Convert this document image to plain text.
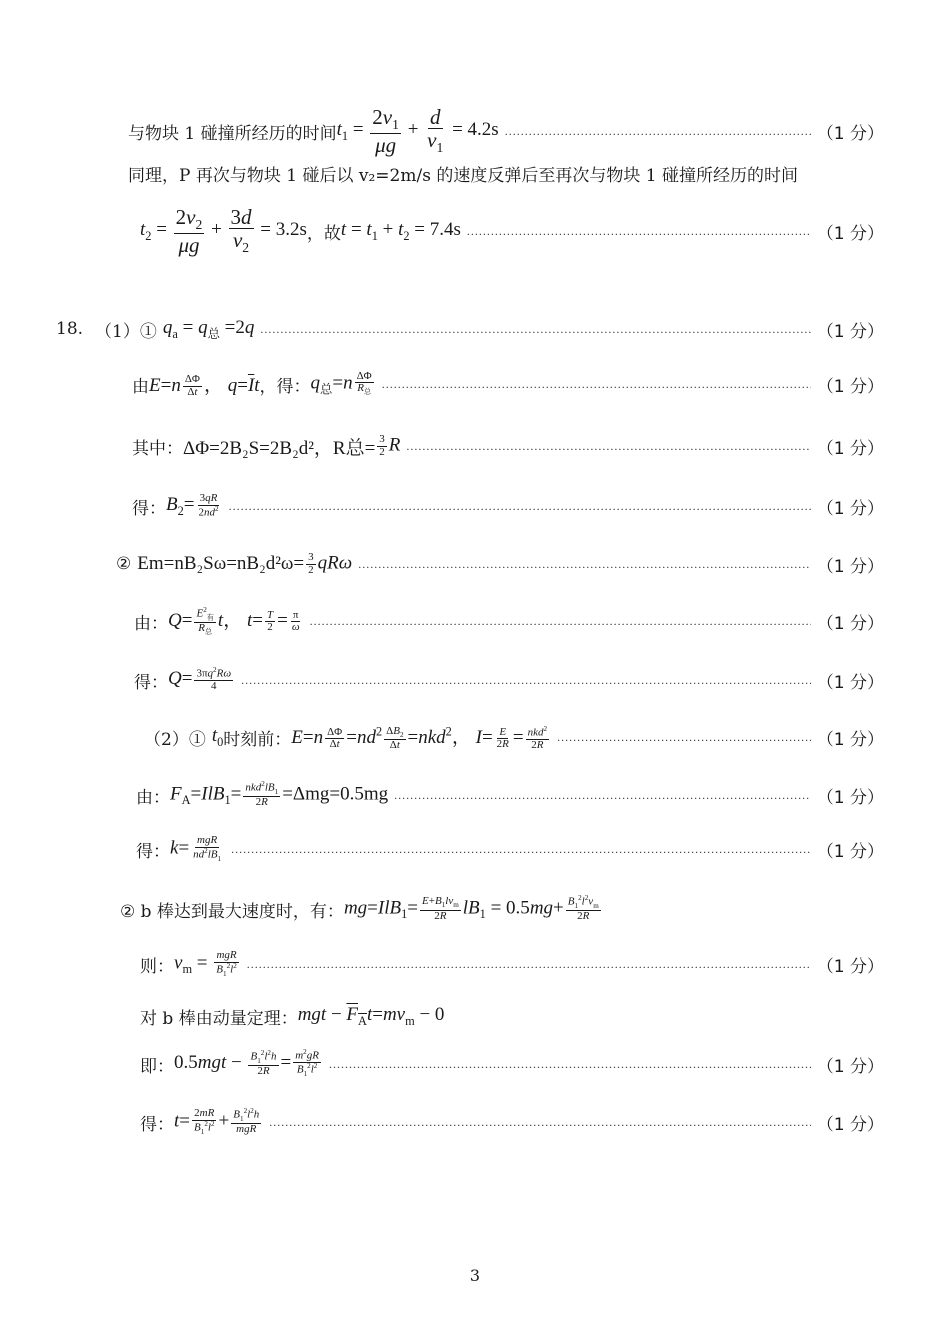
与物块 1 碰撞所经历的时间 $t_1 = \frac{2v_1}{\mu g} + \frac{d}{v_1} = 4.2s$ .....	（1 分）
同理，P 再次与物块 1 碰后以 v₂=2m/s 的速度反弹后至再次与物块 1 碰撞所经历的时间
$t_2 = \frac{2v_2}{\mu g} + \frac{3d}{v_2} = 3.2s$ ，故 $t = t_1 + t_2 = 7.4s$ .....	（1 分）
18. （1）① $q_a = q_总 =2q$ .....	（1 分）
由 $E=n \frac{\Delta\Phi}{\Delta t}$ ， $q=\overline{I}t$ ，得： $q_总=n \frac{\Delta\Phi}{R_总}$ .....	（1 分）
其中： ΔΦ=2B₂S=2B₂d²，R总= $\frac{3}{2}$ R .....	（1 分）
得： $B_2= \frac{3qR}{2nd^2}$ .....	（1 分）
② $Em=nB_2S\omega=nB_2d^2\omega= \frac{3}{2}$ qRω .....	（1 分）
由： $Q= \frac{E^2_有}{R_总}$ t， $t= \frac{T}{2} = \frac{\pi}{\omega}$ .....	（1 分）
得： $Q= \frac{3\pi q^2R\omega}{4}$ .....	（1 分）
（2）① $t_0$ 时刻前： $E=n \frac{\Delta\Phi}{\Delta t} =nd^2 \frac{\Delta B_2}{\Delta t} =nkd^2$， $I= \frac{E}{2R} = \frac{nkd^2}{2R}$ .....	（1 分）
由： $F_A=IlB_1= \frac{nkd^2lB_1}{2R} =\Delta mg=0.5mg$ .....	（1 分）
得： $k= \frac{\text{mgR}}{nd^2lB_1}$ .....	（1 分）
② b 棒达到最大速度时，有： $mg=IlB_1= \frac{E+B_1lv_m}{2R} lB_1 = 0.5mg+ \frac{B_1^2l^2v_m}{2R}$
则： $v_m = \frac{\text{mgR}}{B_1^2l^2}$ .....	（1 分）
对 b 棒由动量定理： mgt − $F_At=mv_m - 0$
即： $0.5mgt - \frac{B_1^2l^2h}{2R} = \frac{m^2gR}{B_1^2l^2}$ .....	（1 分）
得： $t= \frac{2mR}{B_1^2l^2} + \frac{B_1^2l^2h}{\text{mgR}}$ .....	（1 分）
3
